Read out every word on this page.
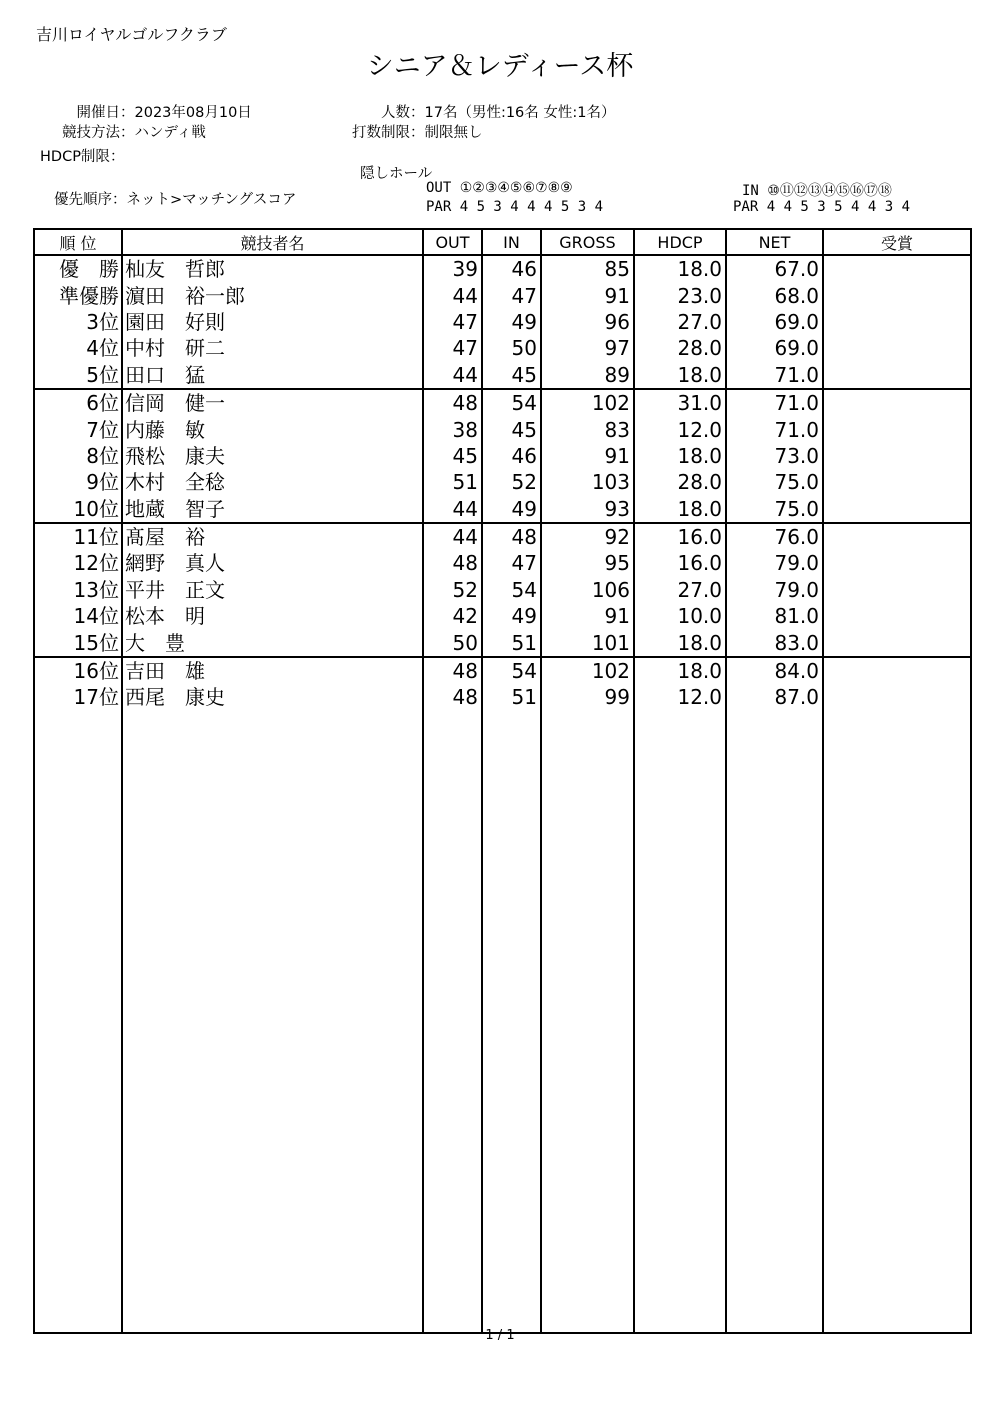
吉川ロイヤルゴルフクラブ
シニア＆レディース杯
開催日：2023年08月10日
競技方法：ハンディ戦
HDCP制限：
優先順序：ネット>マッチングスコア
人数：17名（男性:16名 女性:1名）
打数制限：制限無し
隠しホール
OUT ①②③④⑤⑥⑦⑧⑨
PAR 4 5 3 4 4 4 5 3 4
IN ⑩⑪⑫⑬⑭⑮⑯⑰⑱
PAR 4 4 5 3 5 4 4 3 4
順 位	競技者名	OUT	IN	GROSS	HDCP	NET	受賞
優　勝	杣友　哲郎	39	46	85	18.0	67.0	
準優勝	濵田　裕一郎	44	47	91	23.0	68.0	
3位	園田　好則	47	49	96	27.0	69.0	
4位	中村　研二	47	50	97	28.0	69.0	
5位	田口　猛	44	45	89	18.0	71.0	
6位	信岡　健一	48	54	102	31.0	71.0	
7位	内藤　敏	38	45	83	12.0	71.0	
8位	飛松　康夫	45	46	91	18.0	73.0	
9位	木村　全稔	51	52	103	28.0	75.0	
10位	地蔵　智子	44	49	93	18.0	75.0	
11位	髙屋　裕	44	48	92	16.0	76.0	
12位	網野　真人	48	47	95	16.0	79.0	
13位	平井　正文	52	54	106	27.0	79.0	
14位	松本　明	42	49	91	10.0	81.0	
15位	大　豊	50	51	101	18.0	83.0	
16位	吉田　雄	48	54	102	18.0	84.0	
17位	西尾　康史	48	51	99	12.0	87.0	

1 / 1
